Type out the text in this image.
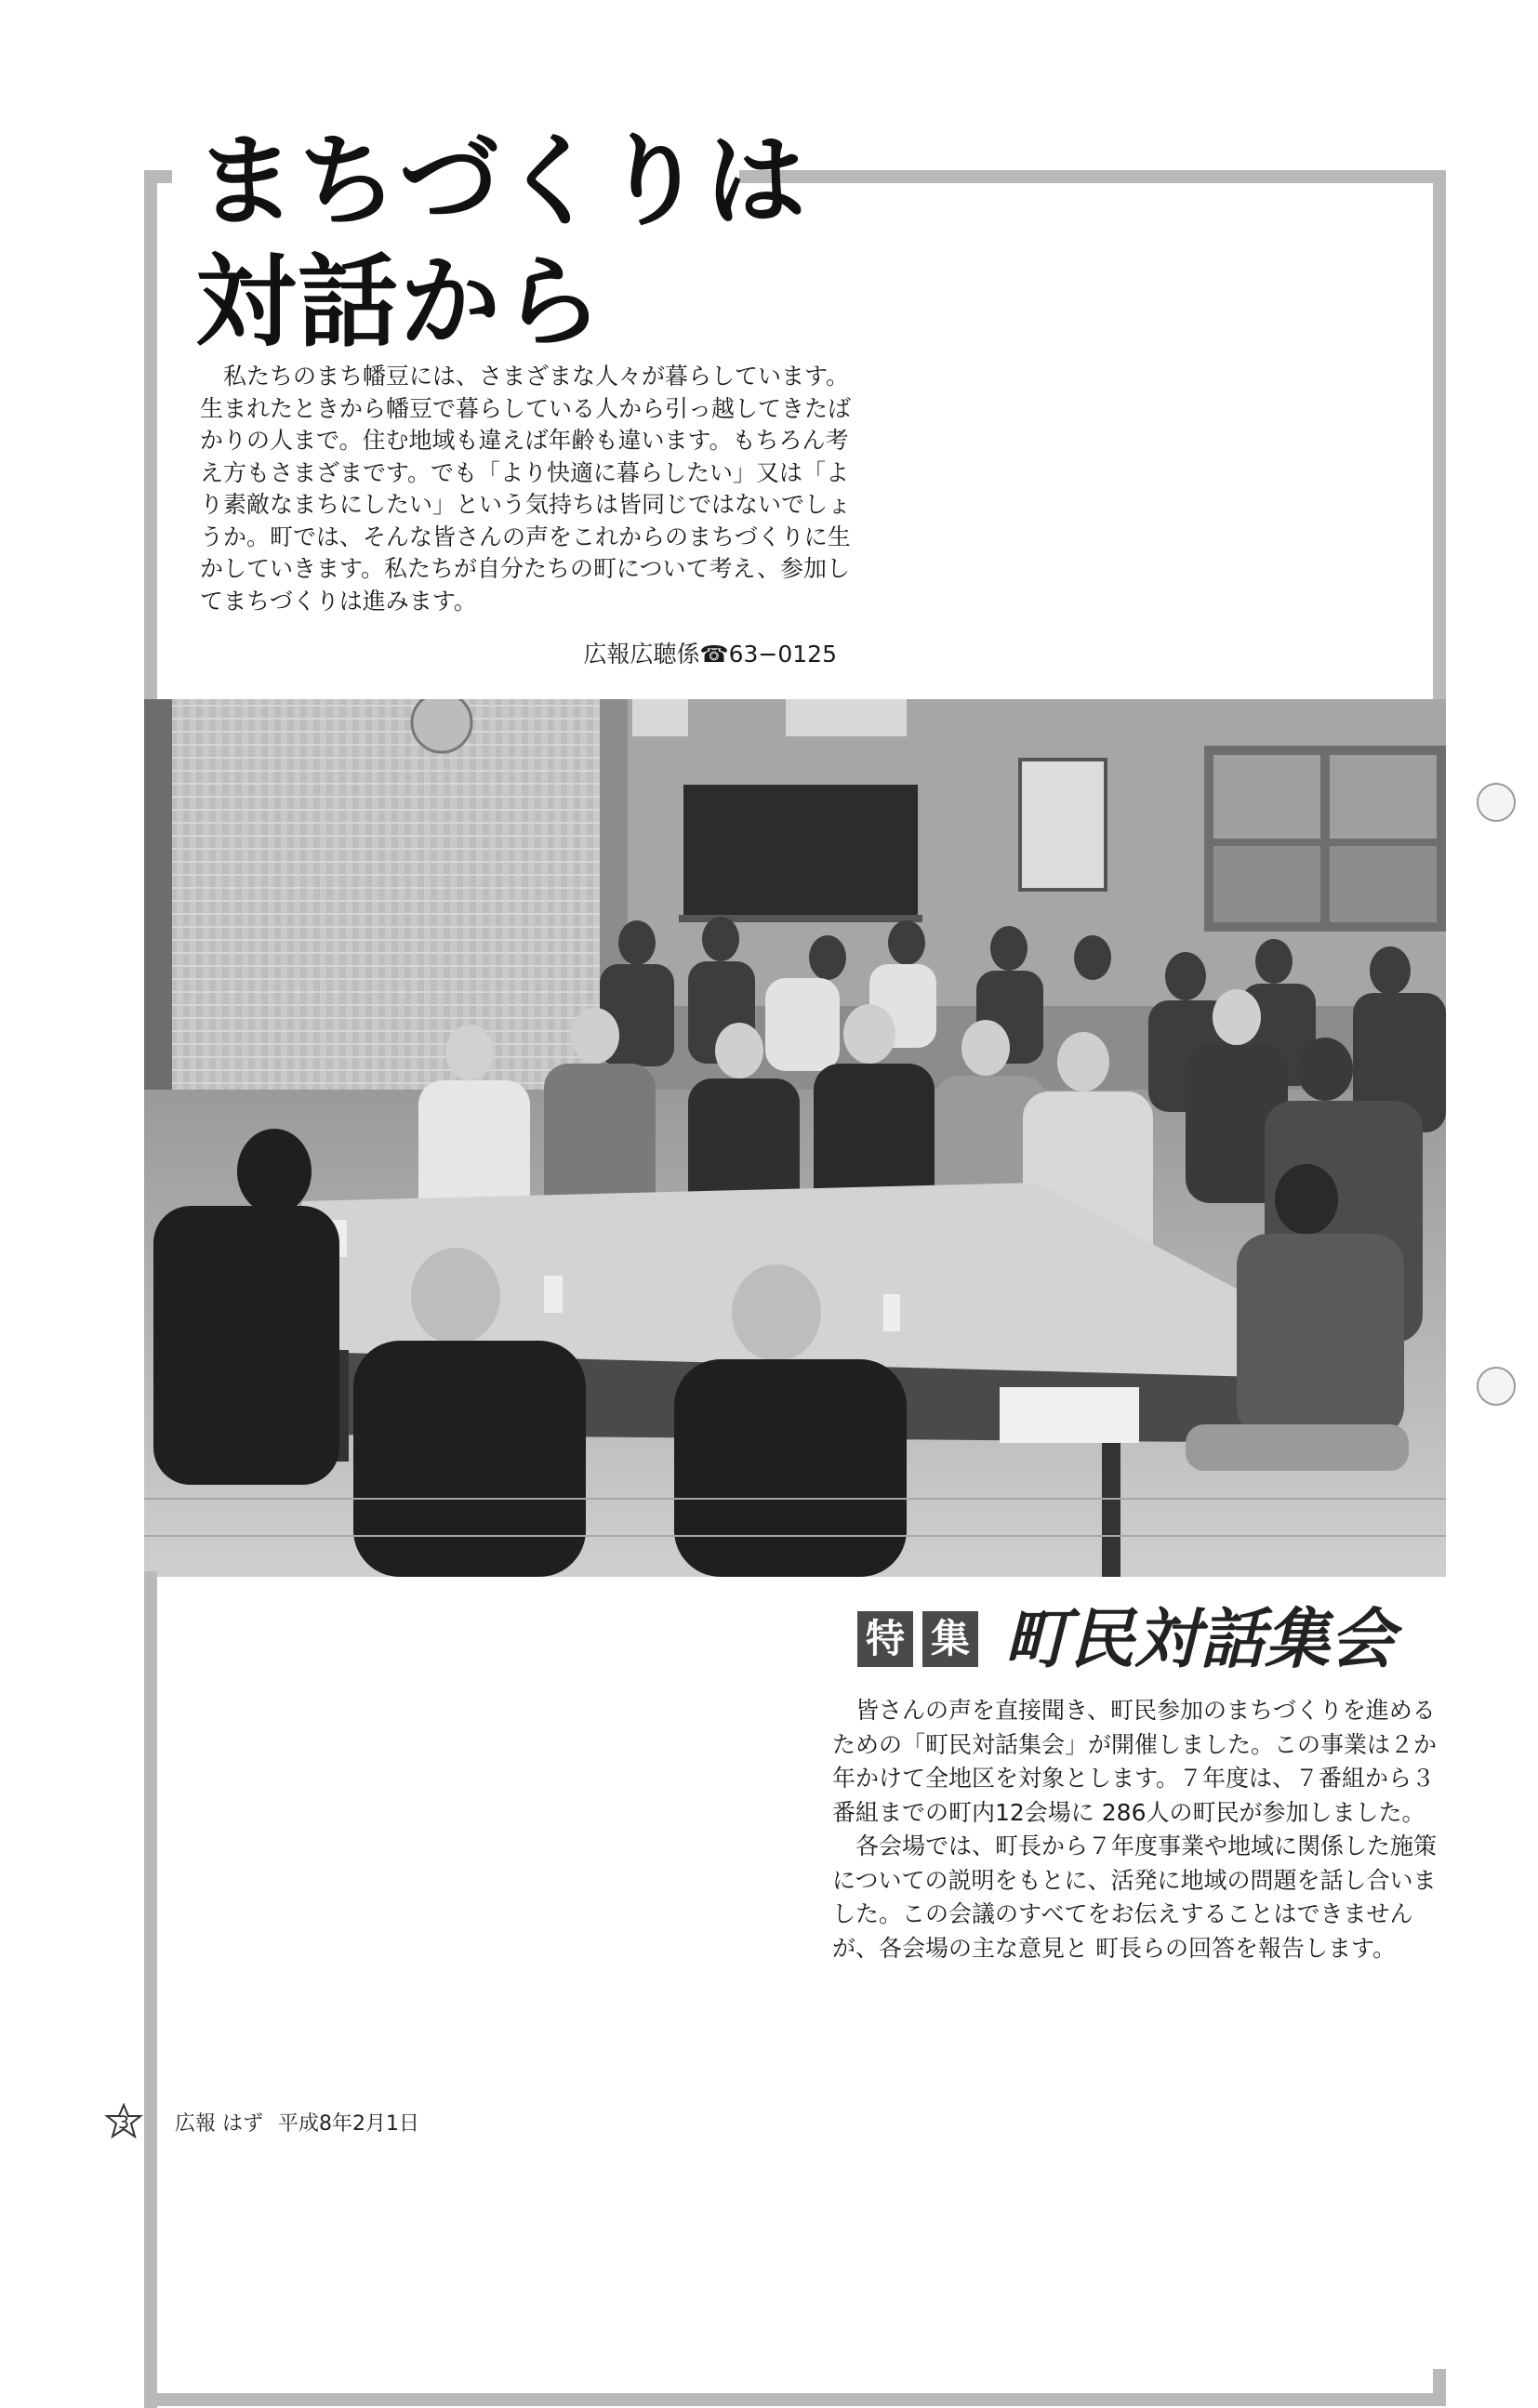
まちづくりは
対話から

私たちのまち幡豆には、さまざまな人々が暮らしています。生まれたときから幡豆で暮らしている人から引っ越してきたばかりの人まで。住む地域も違えば年齢も違います。もちろん考え方もさまざまです。でも「より快適に暮らしたい」又は「より素敵なまちにしたい」という気持ちは皆同じではないでしょうか。町では、そんな皆さんの声をこれからのまちづくりに生かしていきます。私たちが自分たちの町について考え、参加してまちづくりは進みます。

広報広聴係☎63−0125
特 集 町民対話集会

皆さんの声を直接聞き、町民参加のまちづくりを進めるための「町民対話集会」が開催しました。この事業は２か年かけて全地区を対象とします。７年度は、７番組から３番組までの町内12会場に 286人の町民が参加しました。

各会場では、町長から７年度事業や地域に関係した施策についての説明をもとに、活発に地域の問題を話し合いました。この会議のすべてをお伝えすることはできませんが、各会場の主な意見と 町長らの回答を報告します。

3	広報 はず 平成8年2月1日
